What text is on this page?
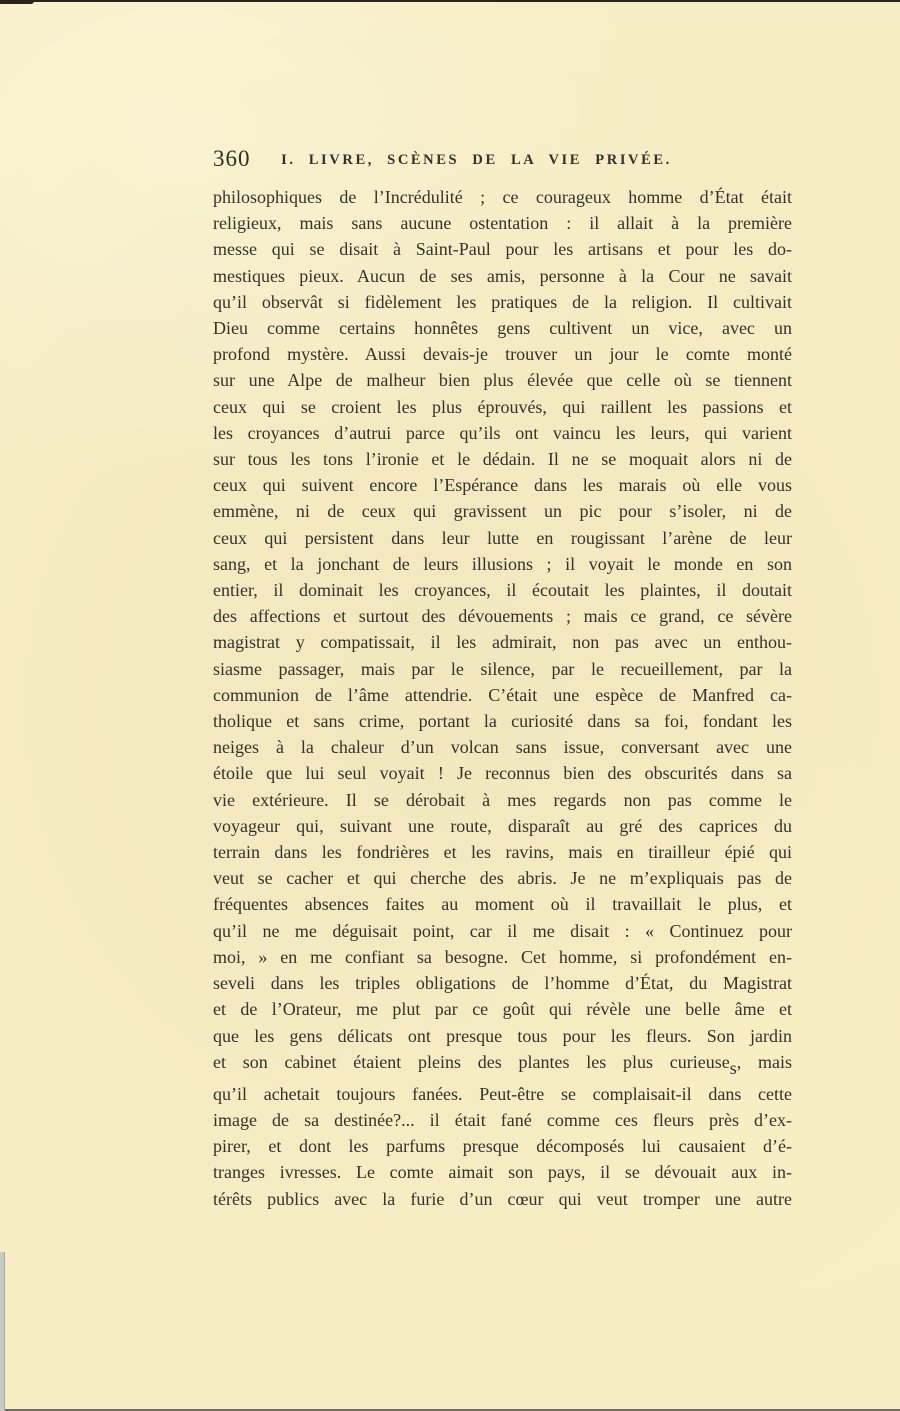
360	I. LIVRE, SCÈNES DE LA VIE PRIVÉE.
philosophiques de l’Incrédulité ; ce courageux homme d’État était
religieux, mais sans aucune ostentation : il allait à la première
messe qui se disait à Saint-Paul pour les artisans et pour les do-
mestiques pieux. Aucun de ses amis, personne à la Cour ne savait
qu’il observât si fidèlement les pratiques de la religion. Il cultivait
Dieu comme certains honnêtes gens cultivent un vice, avec un
profond mystère. Aussi devais-je trouver un jour le comte monté
sur une Alpe de malheur bien plus élevée que celle où se tiennent
ceux qui se croient les plus éprouvés, qui raillent les passions et
les croyances d’autrui parce qu’ils ont vaincu les leurs, qui varient
sur tous les tons l’ironie et le dédain. Il ne se moquait alors ni de
ceux qui suivent encore l’Espérance dans les marais où elle vous
emmène, ni de ceux qui gravissent un pic pour s’isoler, ni de
ceux qui persistent dans leur lutte en rougissant l’arène de leur
sang, et la jonchant de leurs illusions ; il voyait le monde en son
entier, il dominait les croyances, il écoutait les plaintes, il doutait
des affections et surtout des dévouements ; mais ce grand, ce sévère
magistrat y compatissait, il les admirait, non pas avec un enthou-
siasme passager, mais par le silence, par le recueillement, par la
communion de l’âme attendrie. C’était une espèce de Manfred ca-
tholique et sans crime, portant la curiosité dans sa foi, fondant les
neiges à la chaleur d’un volcan sans issue, conversant avec une
étoile que lui seul voyait ! Je reconnus bien des obscurités dans sa
vie extérieure. Il se dérobait à mes regards non pas comme le
voyageur qui, suivant une route, disparaît au gré des caprices du
terrain dans les fondrières et les ravins, mais en tirailleur épié qui
veut se cacher et qui cherche des abris. Je ne m’expliquais pas de
fréquentes absences faites au moment où il travaillait le plus, et
qu’il ne me déguisait point, car il me disait : « Continuez pour
moi, » en me confiant sa besogne. Cet homme, si profondément en-
seveli dans les triples obligations de l’homme d’État, du Magistrat
et de l’Orateur, me plut par ce goût qui révèle une belle âme et
que les gens délicats ont presque tous pour les fleurs. Son jardin
et son cabinet étaient pleins des plantes les plus curieuses, mais
qu’il achetait toujours fanées. Peut-être se complaisait-il dans cette
image de sa destinée?... il était fané comme ces fleurs près d’ex-
pirer, et dont les parfums presque décomposés lui causaient d’é-
tranges ivresses. Le comte aimait son pays, il se dévouait aux in-
térêts publics avec la furie d’un cœur qui veut tromper une autre
